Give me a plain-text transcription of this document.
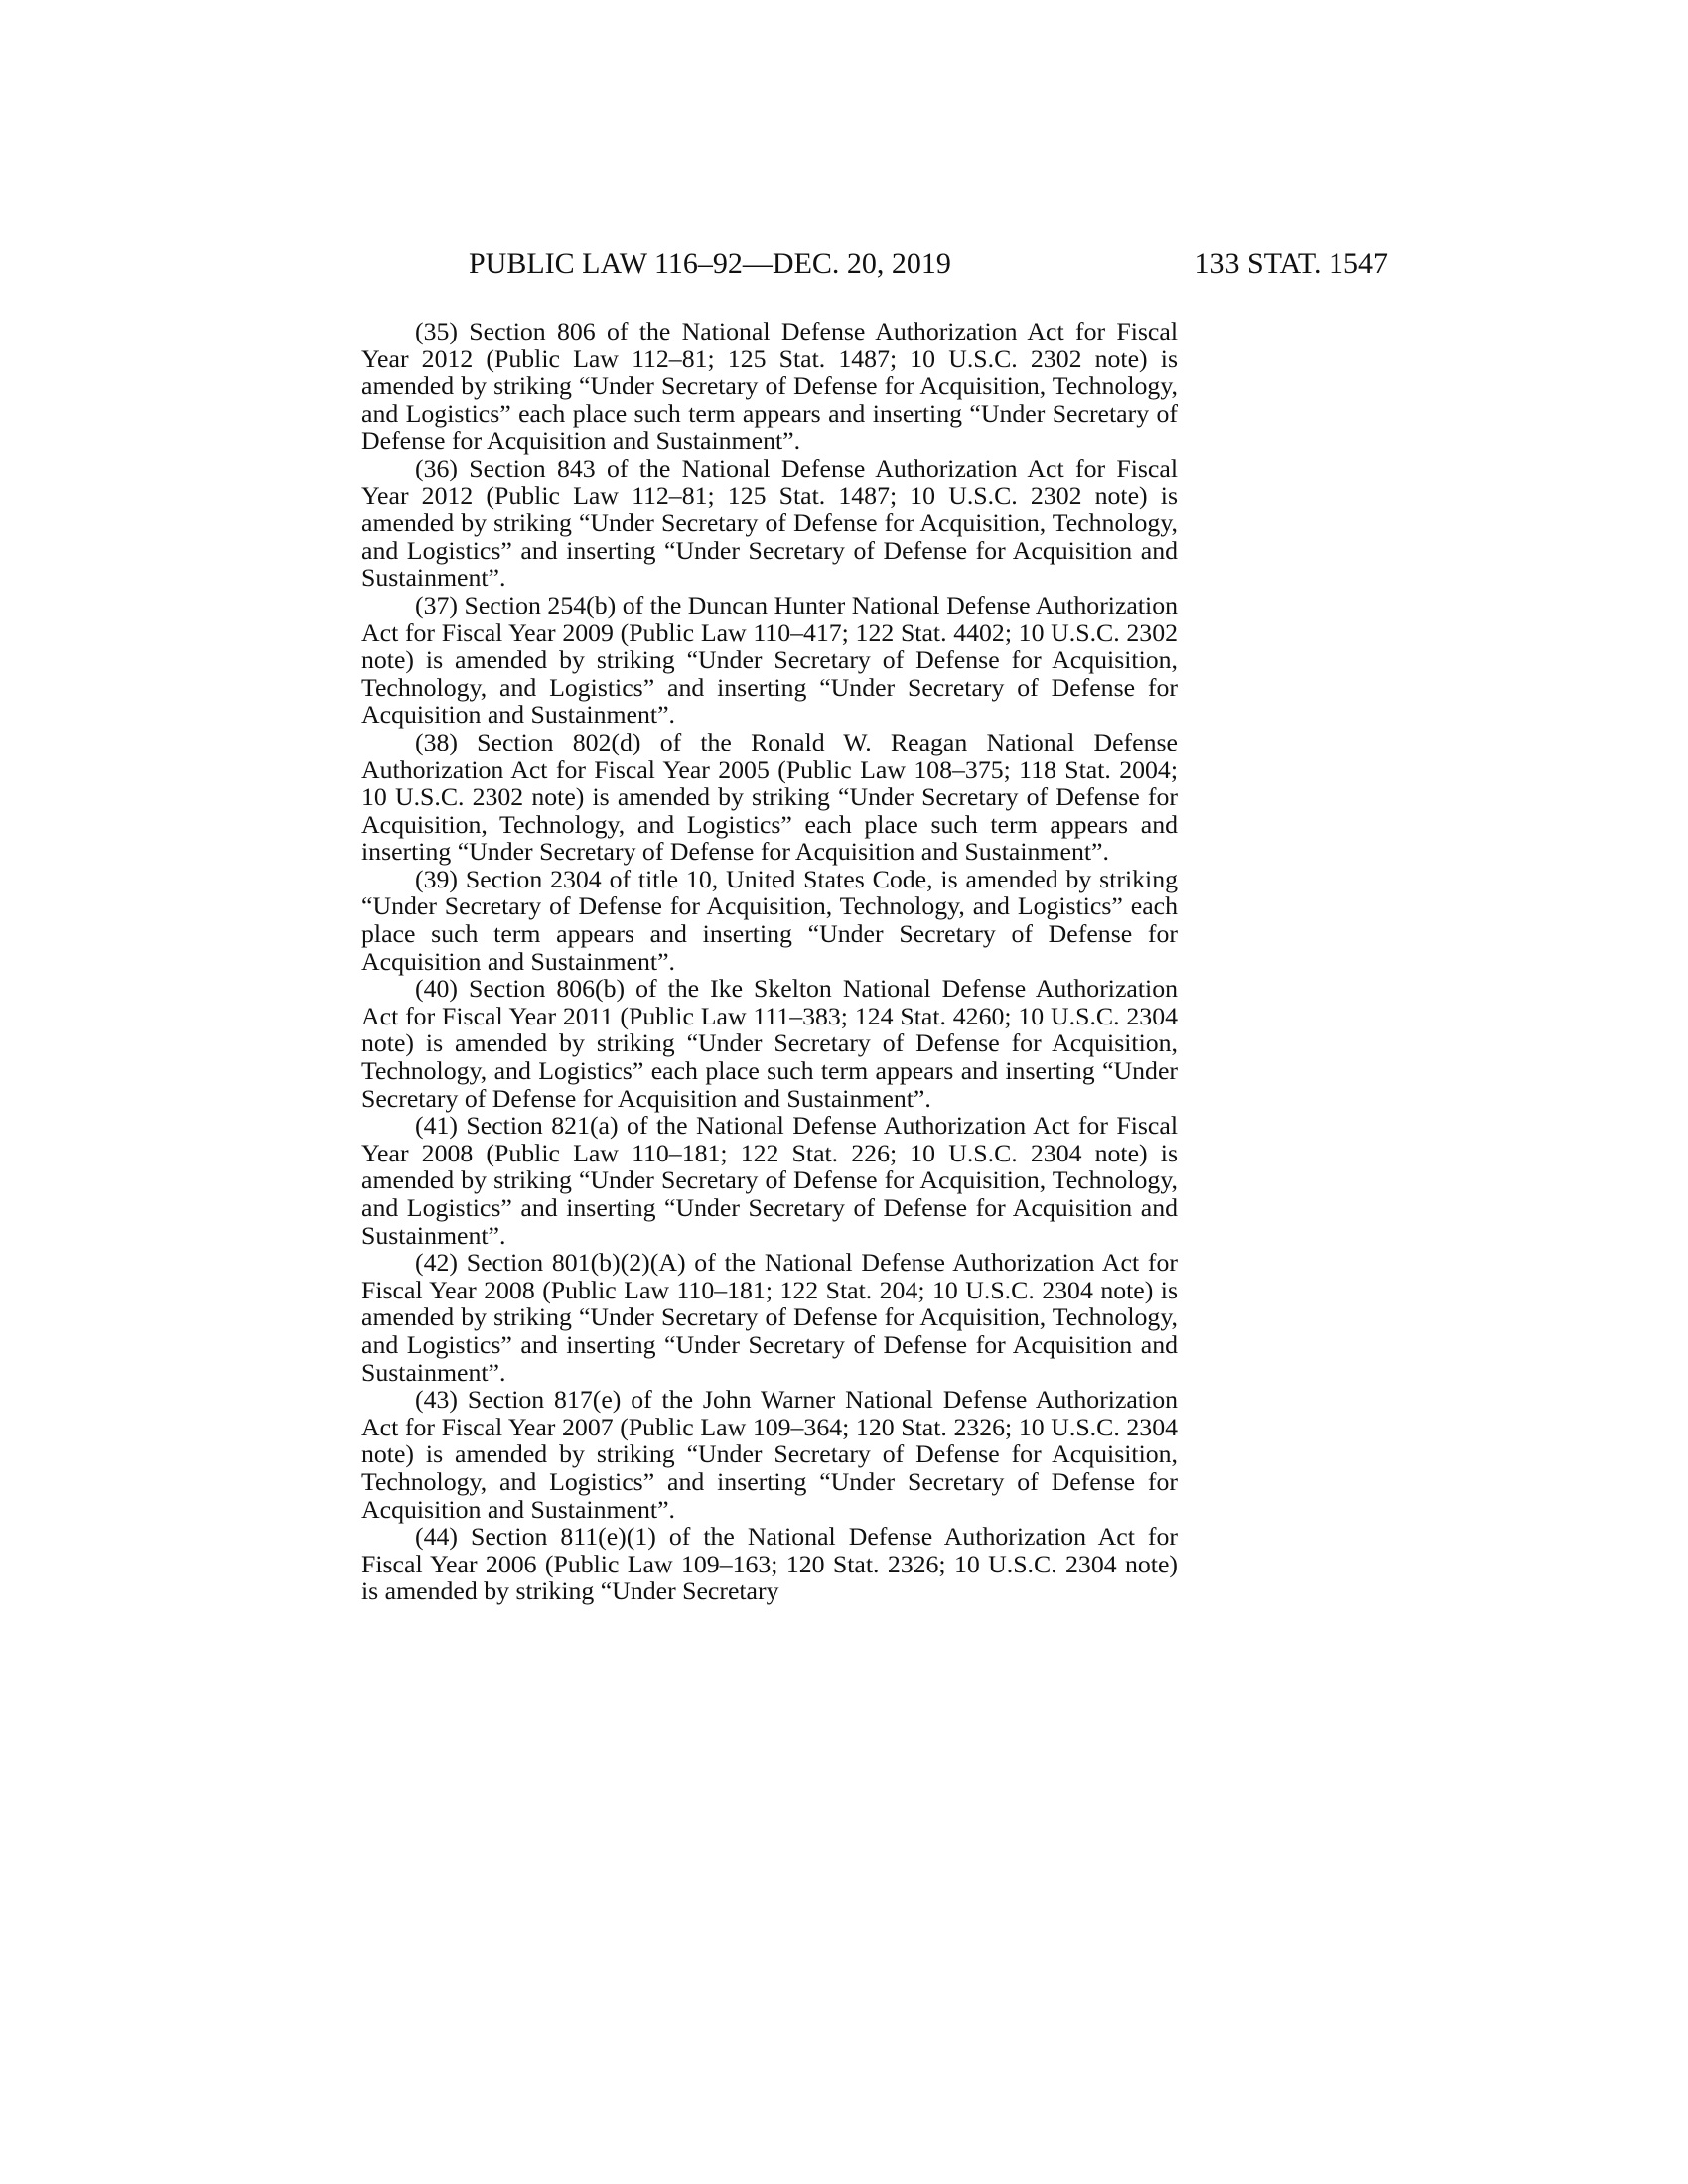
PUBLIC LAW 116–92—DEC. 20, 2019	133 STAT. 1547

(35) Section 806 of the National Defense Authorization Act for Fiscal Year 2012 (Public Law 112–81; 125 Stat. 1487; 10 U.S.C. 2302 note) is amended by striking “Under Secretary of Defense for Acquisition, Technology, and Logistics” each place such term appears and inserting “Under Secretary of Defense for Acquisition and Sustainment”.

(36) Section 843 of the National Defense Authorization Act for Fiscal Year 2012 (Public Law 112–81; 125 Stat. 1487; 10 U.S.C. 2302 note) is amended by striking “Under Secretary of Defense for Acquisition, Technology, and Logistics” and inserting “Under Secretary of Defense for Acquisition and Sustainment”.

(37) Section 254(b) of the Duncan Hunter National Defense Authorization Act for Fiscal Year 2009 (Public Law 110–417; 122 Stat. 4402; 10 U.S.C. 2302 note) is amended by striking “Under Secretary of Defense for Acquisition, Technology, and Logistics” and inserting “Under Secretary of Defense for Acquisition and Sustainment”.

(38) Section 802(d) of the Ronald W. Reagan National Defense Authorization Act for Fiscal Year 2005 (Public Law 108–375; 118 Stat. 2004; 10 U.S.C. 2302 note) is amended by striking “Under Secretary of Defense for Acquisition, Technology, and Logistics” each place such term appears and inserting “Under Secretary of Defense for Acquisition and Sustainment”.

(39) Section 2304 of title 10, United States Code, is amended by striking “Under Secretary of Defense for Acquisition, Technology, and Logistics” each place such term appears and inserting “Under Secretary of Defense for Acquisition and Sustainment”.

(40) Section 806(b) of the Ike Skelton National Defense Authorization Act for Fiscal Year 2011 (Public Law 111–383; 124 Stat. 4260; 10 U.S.C. 2304 note) is amended by striking “Under Secretary of Defense for Acquisition, Technology, and Logistics” each place such term appears and inserting “Under Secretary of Defense for Acquisition and Sustainment”.

(41) Section 821(a) of the National Defense Authorization Act for Fiscal Year 2008 (Public Law 110–181; 122 Stat. 226; 10 U.S.C. 2304 note) is amended by striking “Under Secretary of Defense for Acquisition, Technology, and Logistics” and inserting “Under Secretary of Defense for Acquisition and Sustainment”.

(42) Section 801(b)(2)(A) of the National Defense Authorization Act for Fiscal Year 2008 (Public Law 110–181; 122 Stat. 204; 10 U.S.C. 2304 note) is amended by striking “Under Secretary of Defense for Acquisition, Technology, and Logistics” and inserting “Under Secretary of Defense for Acquisition and Sustainment”.

(43) Section 817(e) of the John Warner National Defense Authorization Act for Fiscal Year 2007 (Public Law 109–364; 120 Stat. 2326; 10 U.S.C. 2304 note) is amended by striking “Under Secretary of Defense for Acquisition, Technology, and Logistics” and inserting “Under Secretary of Defense for Acquisition and Sustainment”.

(44) Section 811(e)(1) of the National Defense Authorization Act for Fiscal Year 2006 (Public Law 109–163; 120 Stat. 2326; 10 U.S.C. 2304 note) is amended by striking “Under Secretary
